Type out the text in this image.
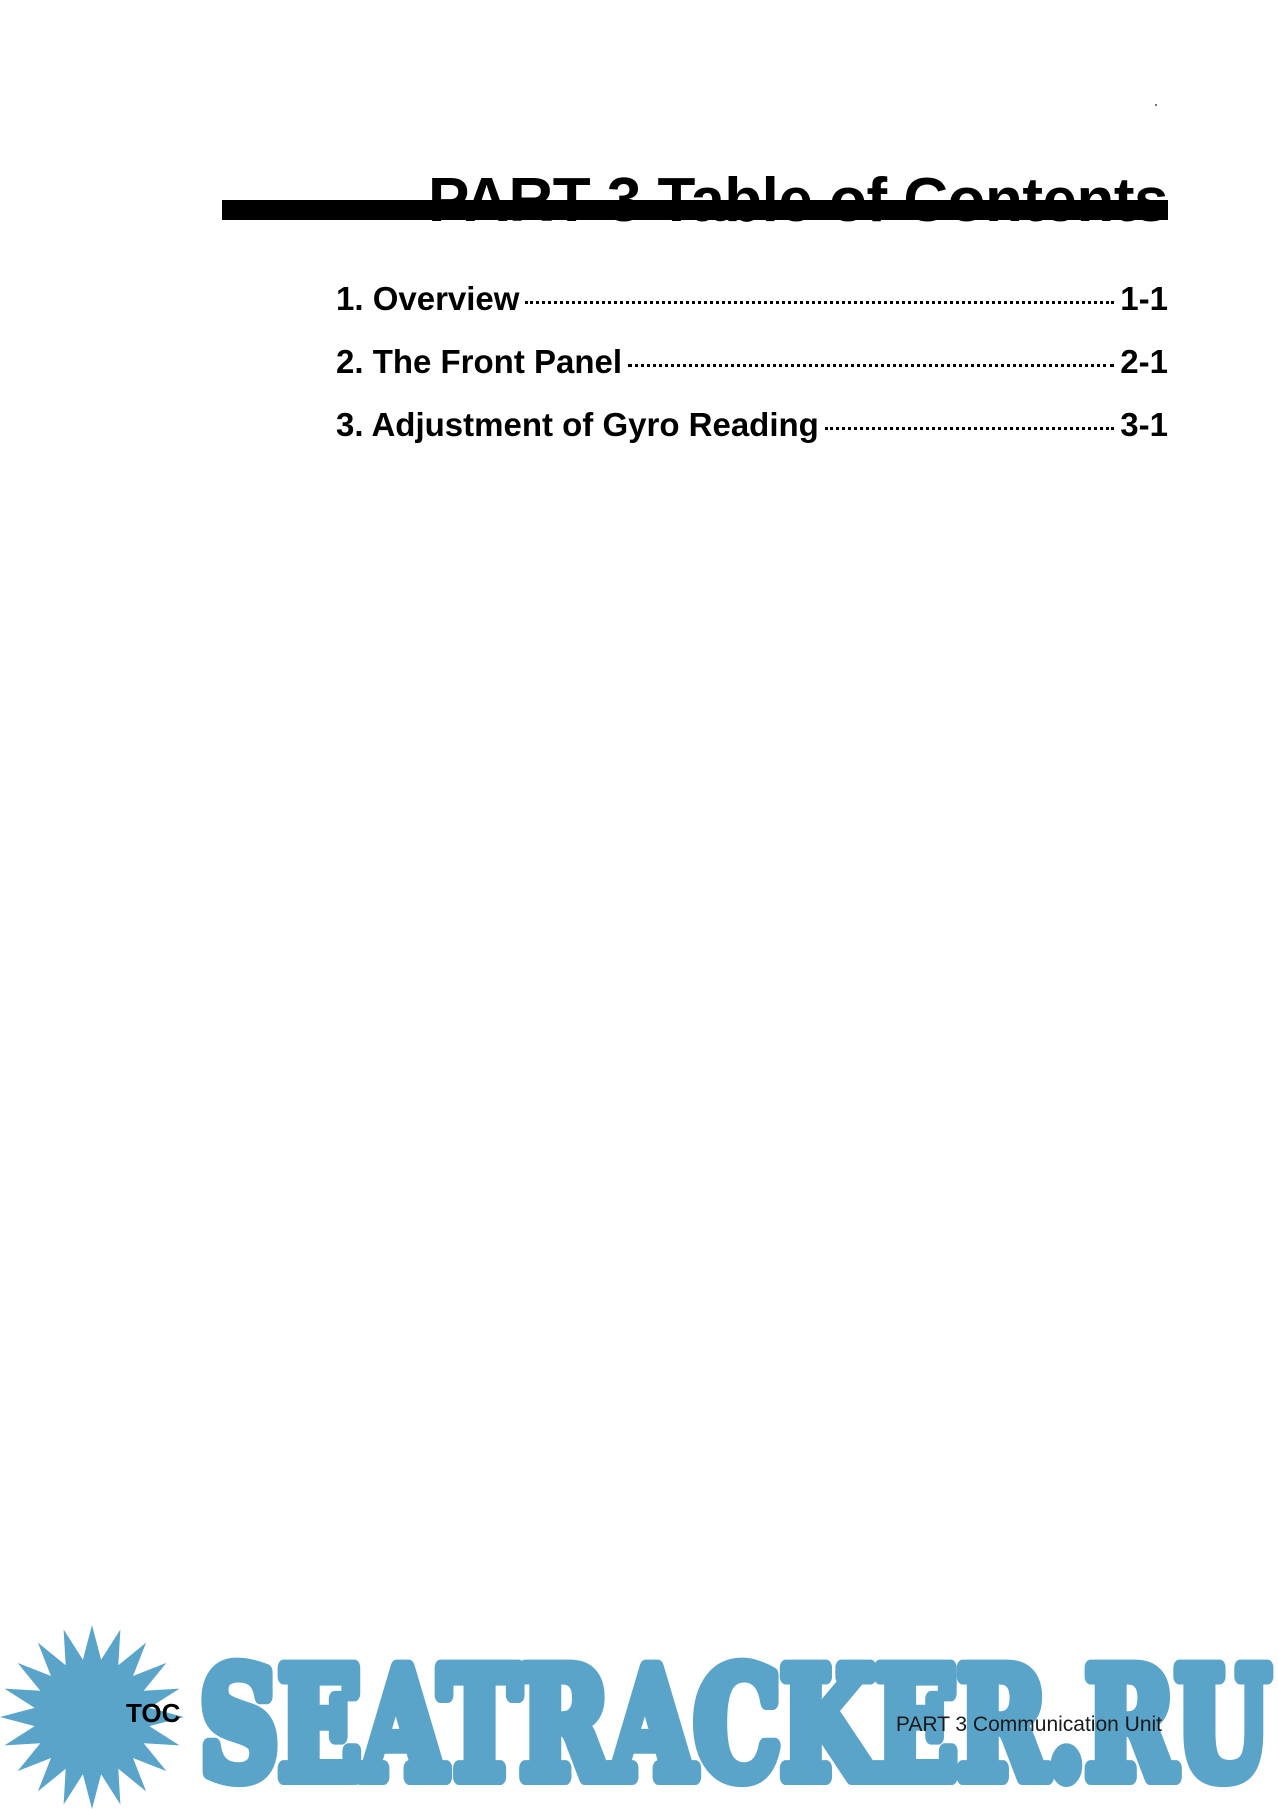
1. Overview	1-1
2. The Front Panel	2-1
3. Adjustment of Gyro Reading	3-1
SEATRACKER.RU
SEATRACKER.RU
TOC	PART 3 Communication Unit
